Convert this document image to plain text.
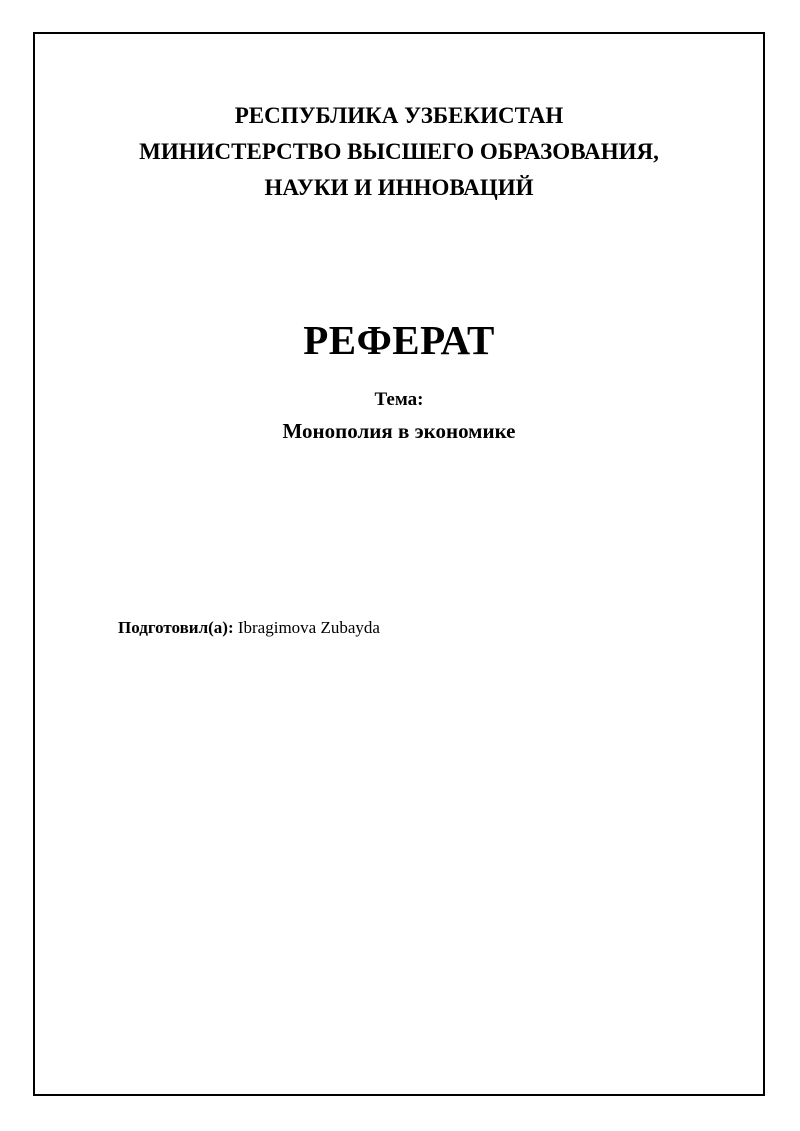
РЕСПУБЛИКА УЗБЕКИСТАН
МИНИСТЕРСТВО ВЫСШЕГО ОБРАЗОВАНИЯ,
НАУКИ И ИННОВАЦИЙ
РЕФЕРАТ
Тема:
Монополия в экономике
Подготовил(а): Ibragimova Zubayda
